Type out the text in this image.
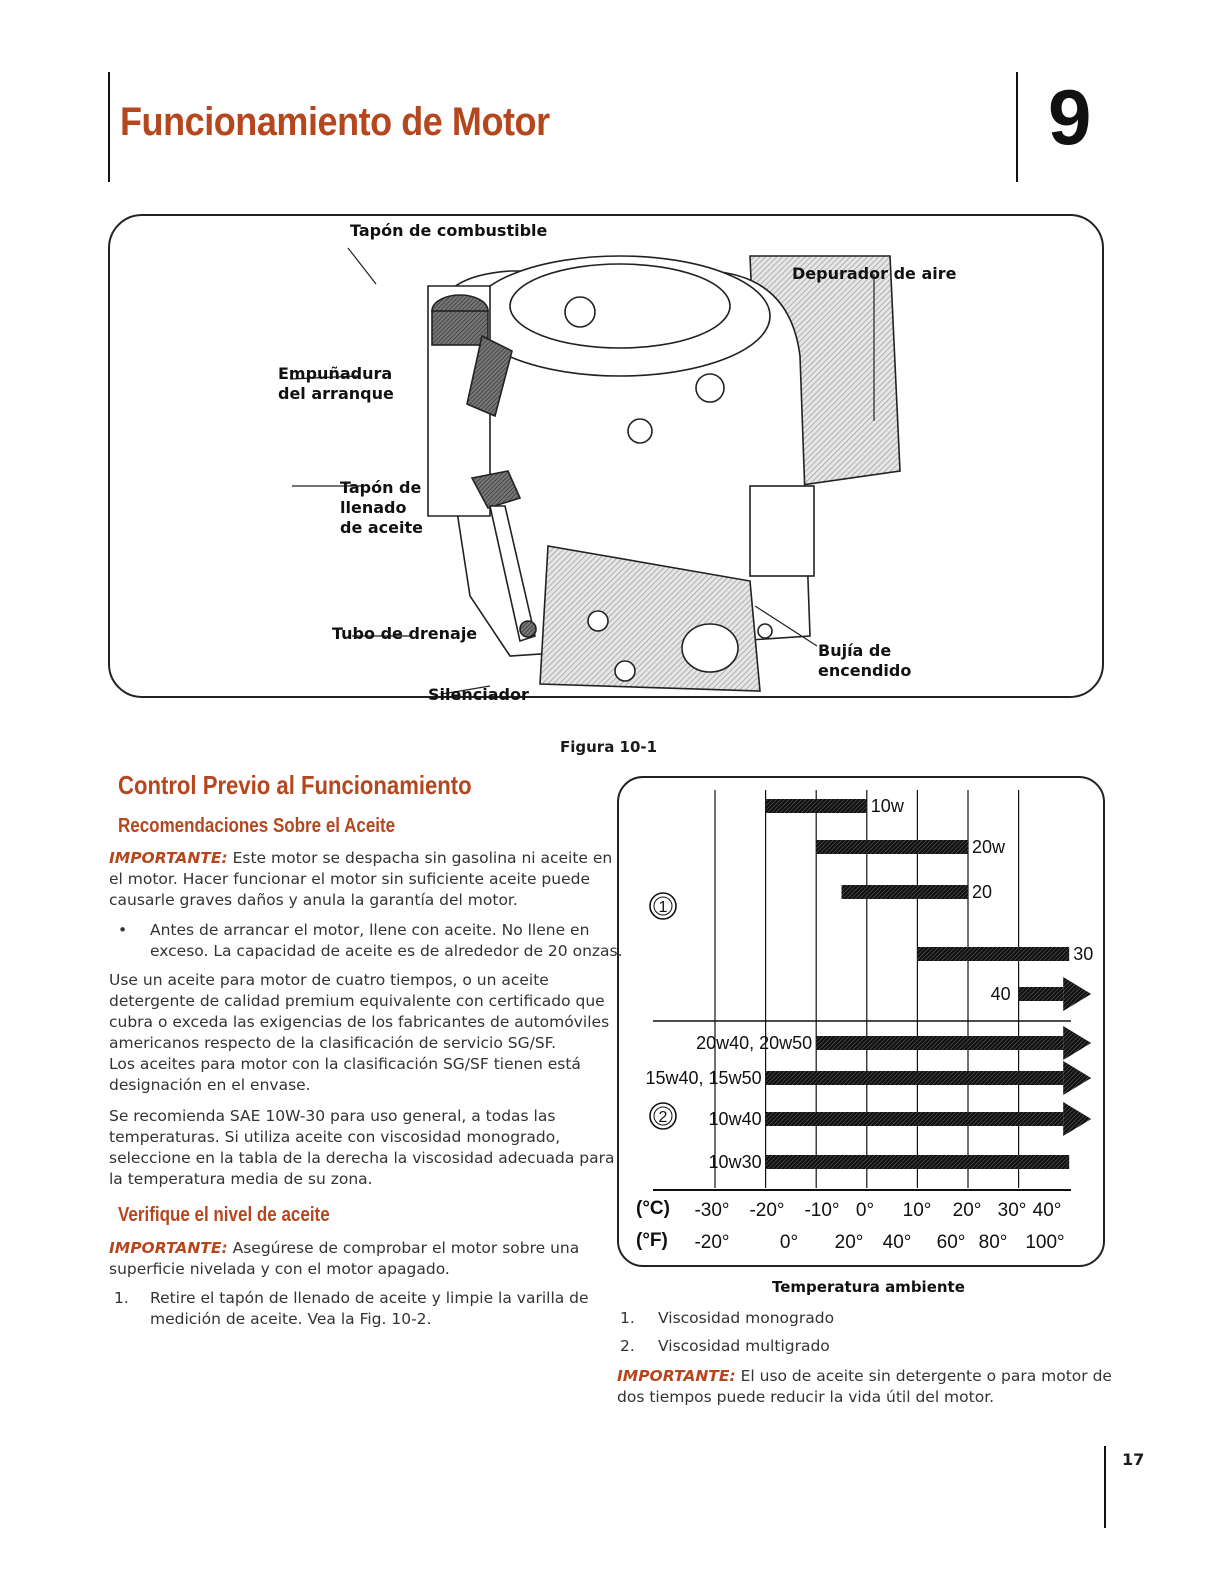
Funcionamiento de Motor	9
Tapón de combustible
Empuñadura
del arranque
Depurador de aire
Tapón de
llenado
de aceite
Tubo de drenaje
Bujía de
encendido
Silenciador
Figura 10-1
Control Previo al Funcionamiento
Recomendaciones Sobre el Aceite
IMPORTANTE: Este motor se despacha sin gasolina ni aceite en
el motor. Hacer funcionar el motor sin suficiente aceite puede
causarle graves daños y anula la garantía del motor.
• Antes de arrancar el motor, llene con aceite. No llene en
exceso. La capacidad de aceite es de alrededor de 20 onzas.
Use un aceite para motor de cuatro tiempos, o un aceite
detergente de calidad premium equivalente con certificado que
cubra o exceda las exigencias de los fabricantes de automóviles
americanos respecto de la clasificación de servicio SG/SF.
Los aceites para motor con la clasificación SG/SF tienen está
designación en el envase.
Se recomienda SAE 10W-30 para uso general, a todas las
temperaturas. Si utiliza aceite con viscosidad monogrado,
seleccione en la tabla de la derecha la viscosidad adecuada para
la temperatura media de su zona.
Verifique el nivel de aceite
IMPORTANTE: Asegúrese de comprobar el motor sobre una
superficie nivelada y con el motor apagado.
1. Retire el tapón de llenado de aceite y limpie la varilla de
medición de aceite. Vea la Fig. 10-2.
10w
20w
20
30
40
1
20w40, 20w50
15w40, 15w50
10w40
10w30
2
-30° -20° -10° 0° 10° 20° 30° 40°
-20°	0° 20° 40° 60° 80° 100°
(°C)
(°F)
Temperatura ambiente
1. Viscosidad monogrado
2. Viscosidad multigrado
IMPORTANTE: El uso de aceite sin detergente o para motor de
dos tiempos puede reducir la vida útil del motor.
17
